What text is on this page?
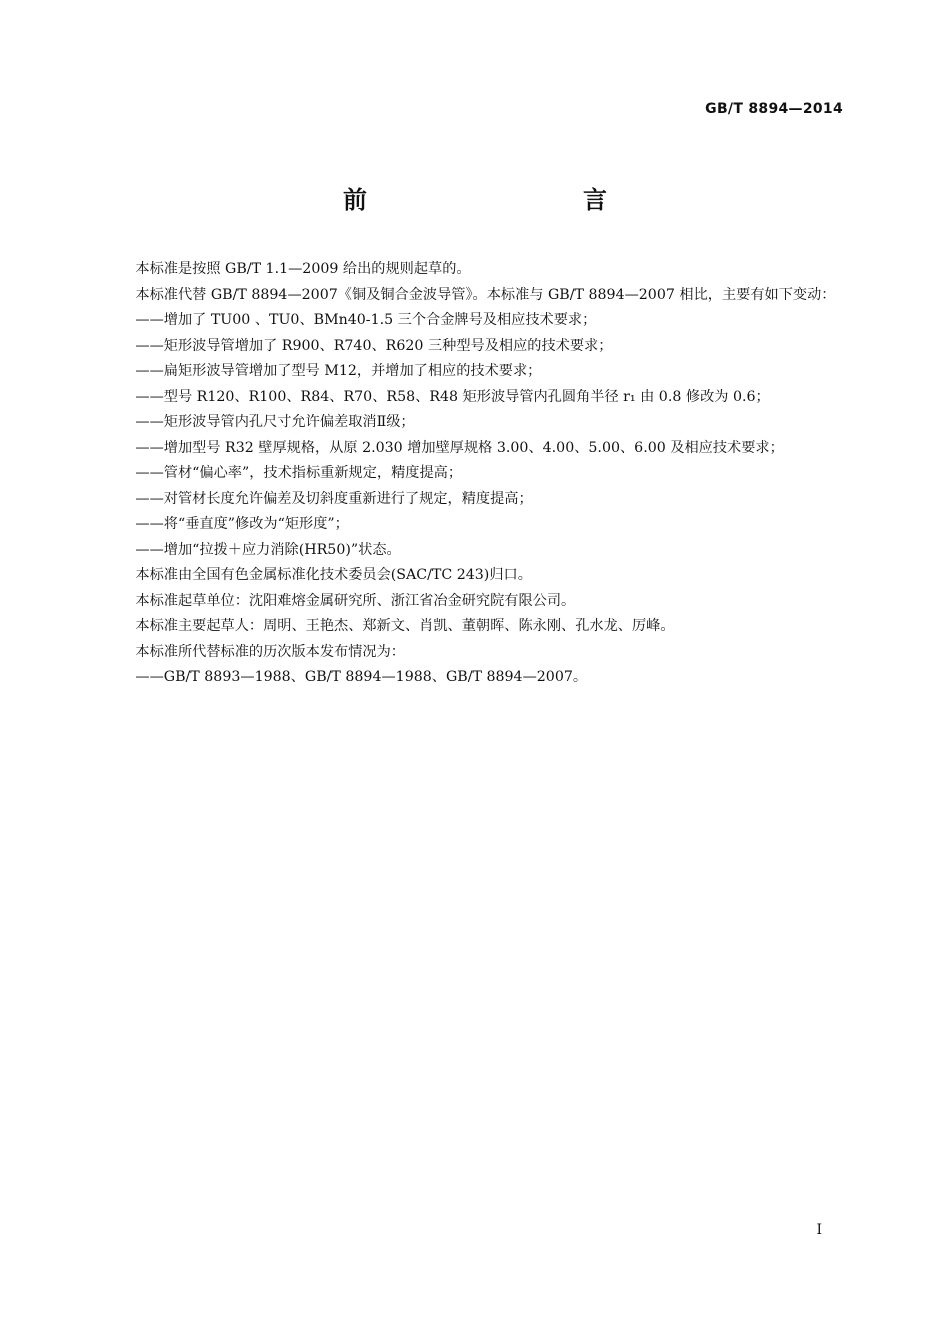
GB/T 8894—2014
前　　言

本标准是按照 GB/T 1.1—2009 给出的规则起草的。

本标准代替 GB/T 8894—2007《铜及铜合金波导管》。本标准与 GB/T 8894—2007 相比，主要有如下变动：

——增加了 TU00 、TU0、BMn40-1.5 三个合金牌号及相应技术要求；

——矩形波导管增加了 R900、R740、R620 三种型号及相应的技术要求；

——扁矩形波导管增加了型号 M12，并增加了相应的技术要求；

——型号 R120、R100、R84、R70、R58、R48 矩形波导管内孔圆角半径 r₁ 由 0.8 修改为 0.6；

——矩形波导管内孔尺寸允许偏差取消Ⅱ级；

——增加型号 R32 壁厚规格，从原 2.030 增加壁厚规格 3.00、4.00、5.00、6.00 及相应技术要求；

——管材“偏心率”，技术指标重新规定，精度提高；

——对管材长度允许偏差及切斜度重新进行了规定，精度提高；

——将“垂直度”修改为“矩形度”；

——增加“拉拨＋应力消除(HR50)”状态。

本标准由全国有色金属标准化技术委员会(SAC/TC 243)归口。

本标准起草单位：沈阳难熔金属研究所、浙江省冶金研究院有限公司。

本标准主要起草人：周明、王艳杰、郑新文、肖凯、董朝晖、陈永刚、孔水龙、厉峰。

本标准所代替标准的历次版本发布情况为：

——GB/T 8893—1988、GB/T 8894—1988、GB/T 8894—2007。

I
